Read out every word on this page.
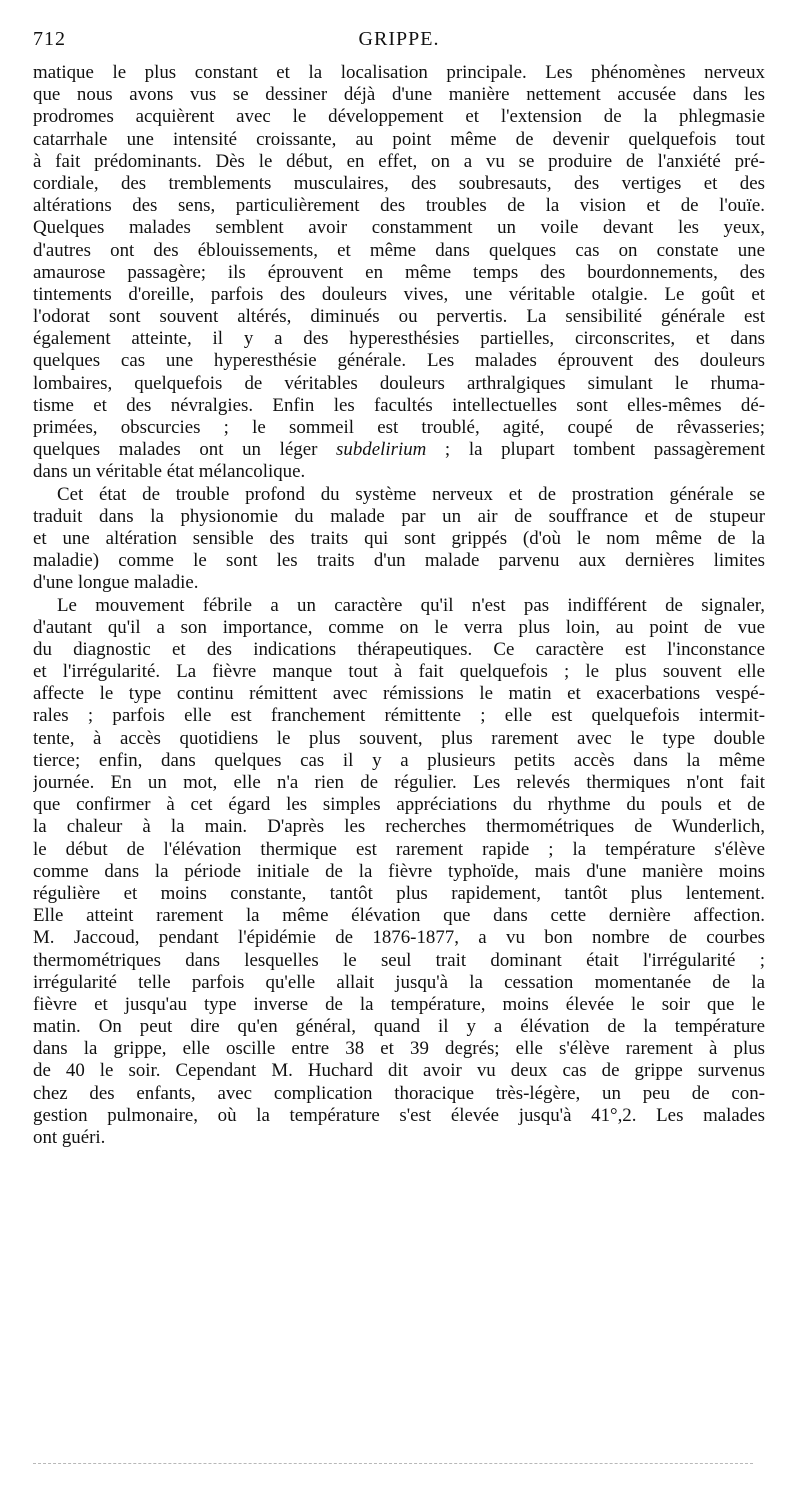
712	GRIPPE.
matique le plus constant et la localisation principale. Les phénomènes nerveux
que nous avons vus se dessiner déjà d'une manière nettement accusée dans les
prodromes acquièrent avec le développement et l'extension de la phlegmasie
catarrhale une intensité croissante, au point même de devenir quelquefois tout
à fait prédominants. Dès le début, en effet, on a vu se produire de l'anxiété pré-
cordiale, des tremblements musculaires, des soubresauts, des vertiges et des
altérations des sens, particulièrement des troubles de la vision et de l'ouïe.
Quelques malades semblent avoir constamment un voile devant les yeux,
d'autres ont des éblouissements, et même dans quelques cas on constate une
amaurose passagère; ils éprouvent en même temps des bourdonnements, des
tintements d'oreille, parfois des douleurs vives, une véritable otalgie. Le goût et
l'odorat sont souvent altérés, diminués ou pervertis. La sensibilité générale est
également atteinte, il y a des hyperesthésies partielles, circonscrites, et dans
quelques cas une hyperesthésie générale. Les malades éprouvent des douleurs
lombaires, quelquefois de véritables douleurs arthralgiques simulant le rhuma-
tisme et des névralgies. Enfin les facultés intellectuelles sont elles-mêmes dé-
primées, obscurcies ; le sommeil est troublé, agité, coupé de rêvasseries;
quelques malades ont un léger subdelirium ; la plupart tombent passagèrement
dans un véritable état mélancolique.
Cet état de trouble profond du système nerveux et de prostration générale se
traduit dans la physionomie du malade par un air de souffrance et de stupeur
et une altération sensible des traits qui sont grippés (d'où le nom même de la
maladie) comme le sont les traits d'un malade parvenu aux dernières limites
d'une longue maladie.
Le mouvement fébrile a un caractère qu'il n'est pas indifférent de signaler,
d'autant qu'il a son importance, comme on le verra plus loin, au point de vue
du diagnostic et des indications thérapeutiques. Ce caractère est l'inconstance
et l'irrégularité. La fièvre manque tout à fait quelquefois ; le plus souvent elle
affecte le type continu rémittent avec rémissions le matin et exacerbations vespé-
rales ; parfois elle est franchement rémittente ; elle est quelquefois intermit-
tente, à accès quotidiens le plus souvent, plus rarement avec le type double
tierce; enfin, dans quelques cas il y a plusieurs petits accès dans la même
journée. En un mot, elle n'a rien de régulier. Les relevés thermiques n'ont fait
que confirmer à cet égard les simples appréciations du rhythme du pouls et de
la chaleur à la main. D'après les recherches thermométriques de Wunderlich,
le début de l'élévation thermique est rarement rapide ; la température s'élève
comme dans la période initiale de la fièvre typhoïde, mais d'une manière moins
régulière et moins constante, tantôt plus rapidement, tantôt plus lentement.
Elle atteint rarement la même élévation que dans cette dernière affection.
M. Jaccoud, pendant l'épidémie de 1876-1877, a vu bon nombre de courbes
thermométriques dans lesquelles le seul trait dominant était l'irrégularité ;
irrégularité telle parfois qu'elle allait jusqu'à la cessation momentanée de la
fièvre et jusqu'au type inverse de la température, moins élevée le soir que le
matin. On peut dire qu'en général, quand il y a élévation de la température
dans la grippe, elle oscille entre 38 et 39 degrés; elle s'élève rarement à plus
de 40 le soir. Cependant M. Huchard dit avoir vu deux cas de grippe survenus
chez des enfants, avec complication thoracique très-légère, un peu de con-
gestion pulmonaire, où la température s'est élevée jusqu'à 41°,2. Les malades
ont guéri.
